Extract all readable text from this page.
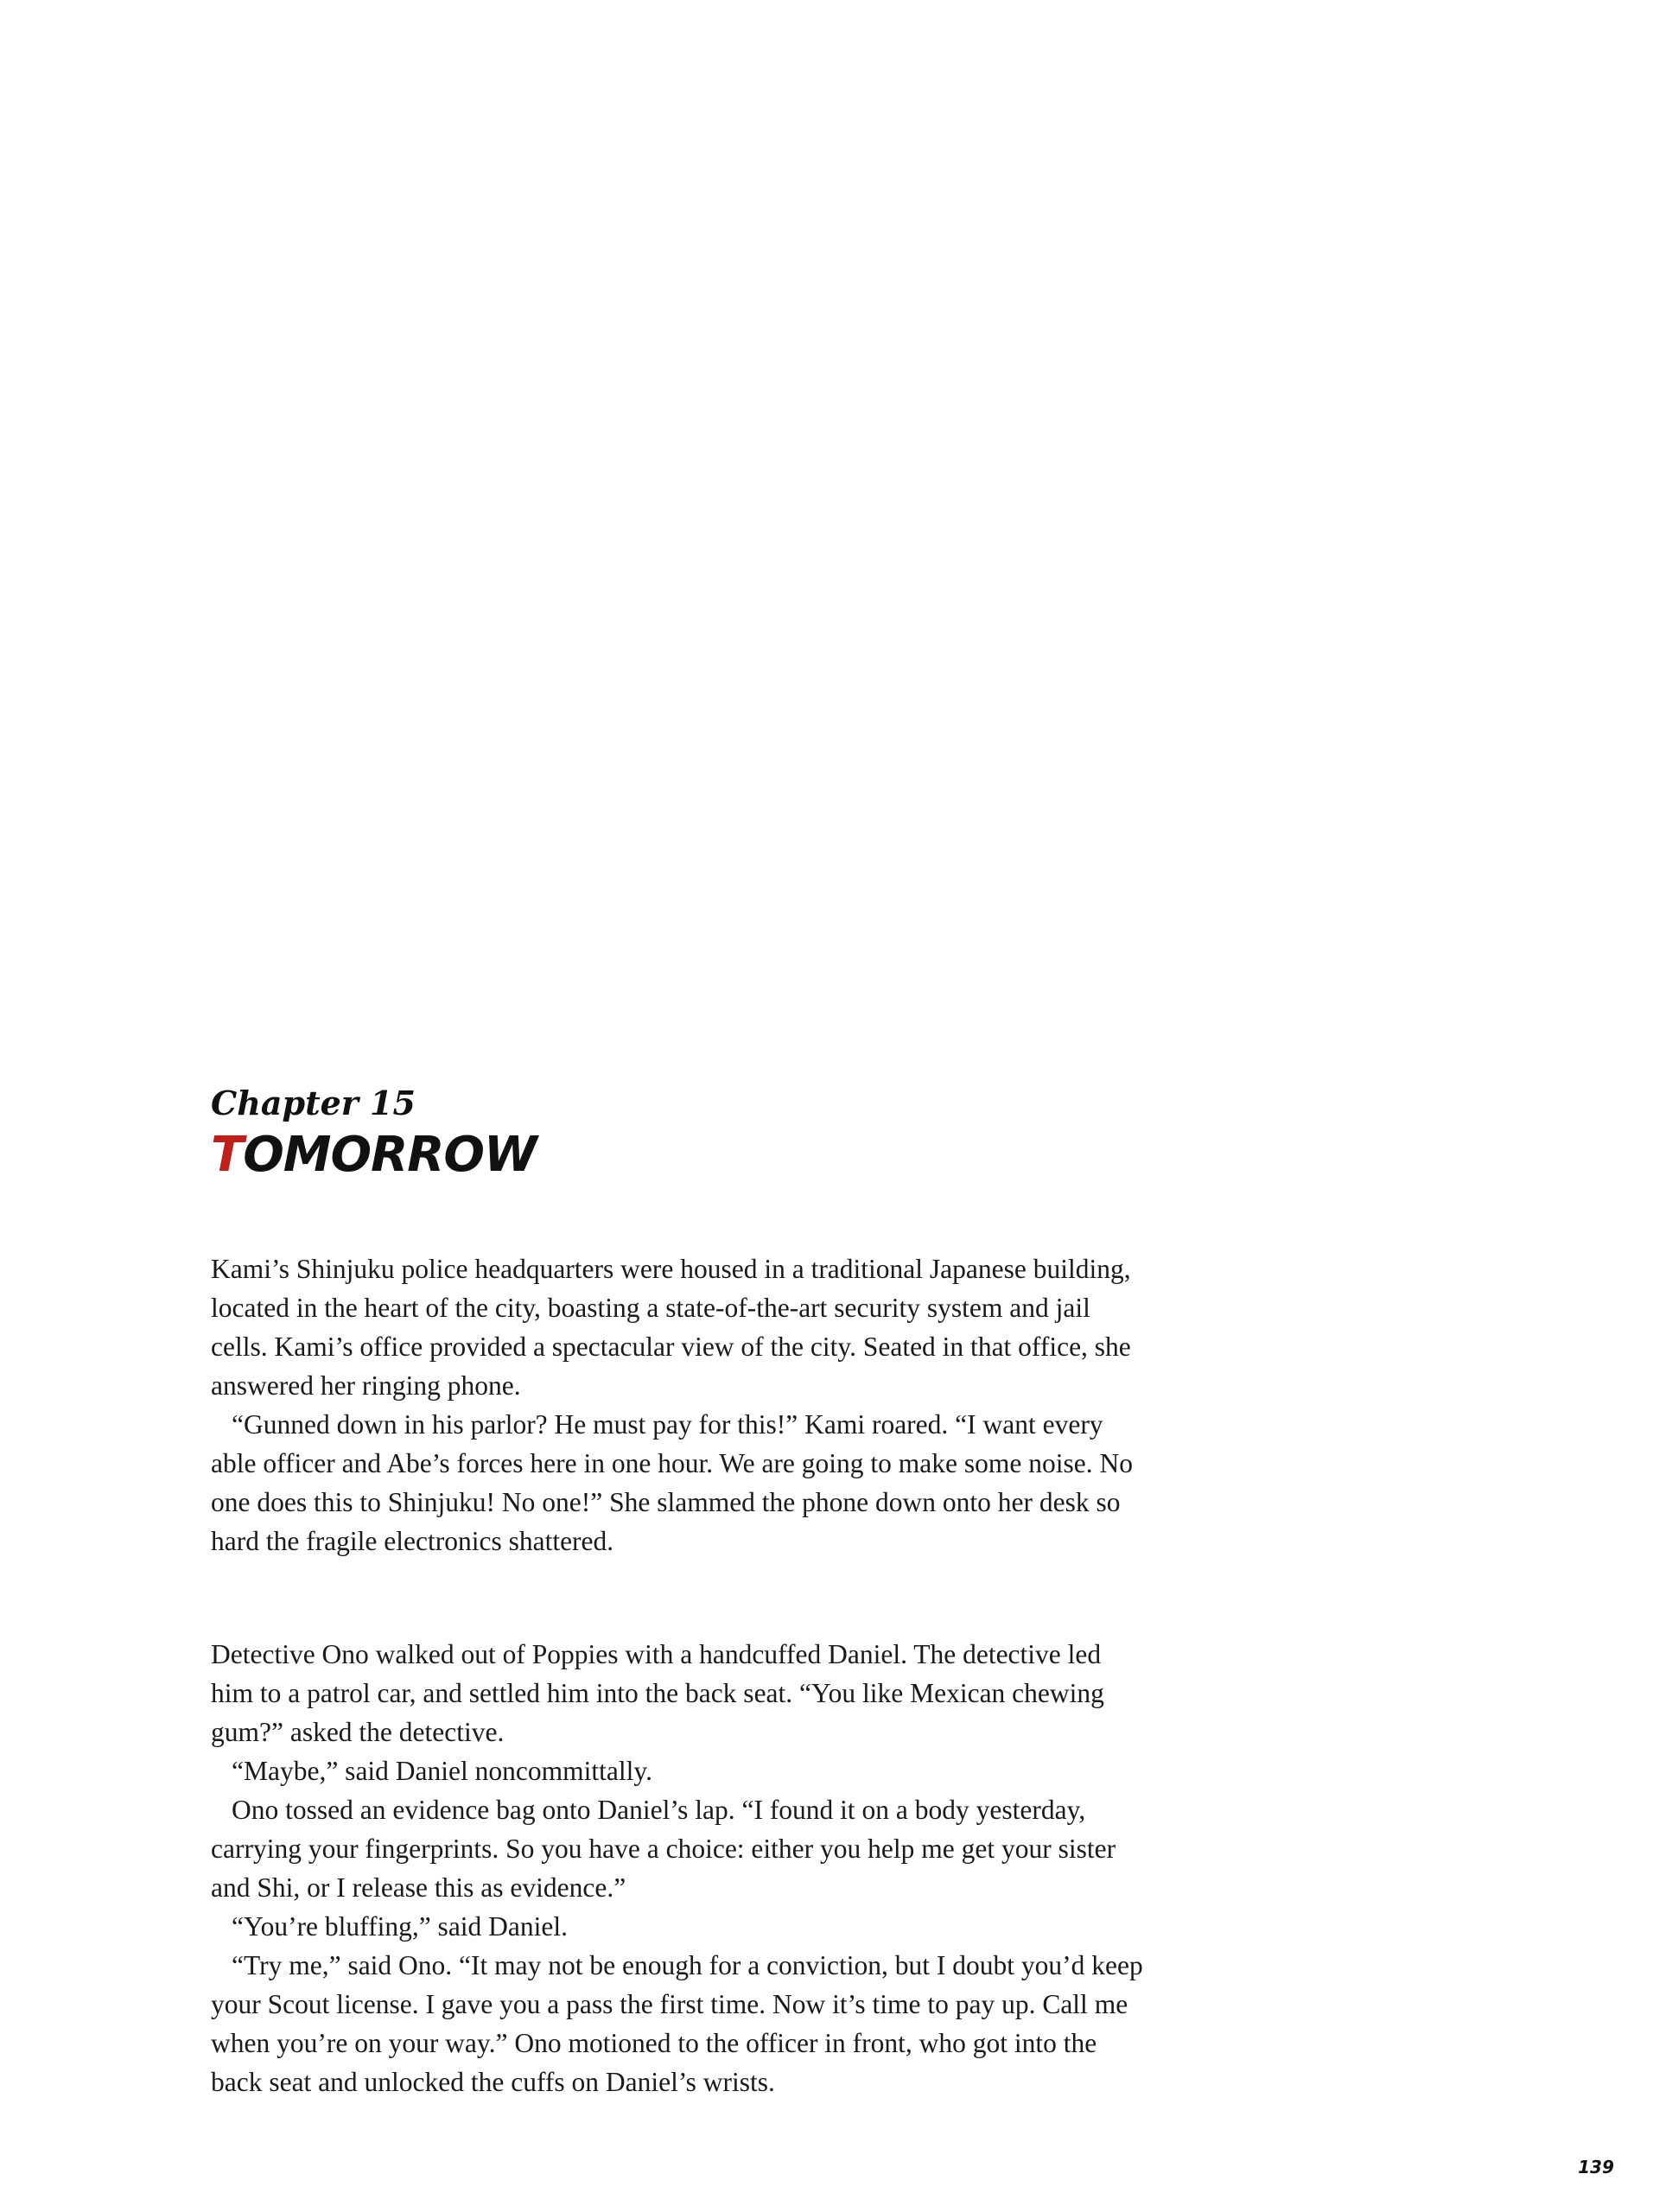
Chapter 15

TOMORROW

Kami’s Shinjuku police headquarters were housed in a traditional Japanese building, located in the heart of the city, boasting a state-of-the-art security system and jail cells. Kami’s office provided a spectacular view of the city. Seated in that office, she answered her ringing phone.

“Gunned down in his parlor? He must pay for this!” Kami roared. “I want every able officer and Abe’s forces here in one hour. We are going to make some noise. No one does this to Shinjuku! No one!” She slammed the phone down onto her desk so hard the fragile electronics shattered.

Detective Ono walked out of Poppies with a handcuffed Daniel. The detective led him to a patrol car, and settled him into the back seat. “You like Mexican chewing gum?” asked the detective.

“Maybe,” said Daniel noncommittally.

Ono tossed an evidence bag onto Daniel’s lap. “I found it on a body yesterday, carrying your fingerprints. So you have a choice: either you help me get your sister and Shi, or I release this as evidence.”

“You’re bluffing,” said Daniel.

“Try me,” said Ono. “It may not be enough for a conviction, but I doubt you’d keep your Scout license. I gave you a pass the first time. Now it’s time to pay up. Call me when you’re on your way.” Ono motioned to the officer in front, who got into the back seat and unlocked the cuffs on Daniel’s wrists.

139
